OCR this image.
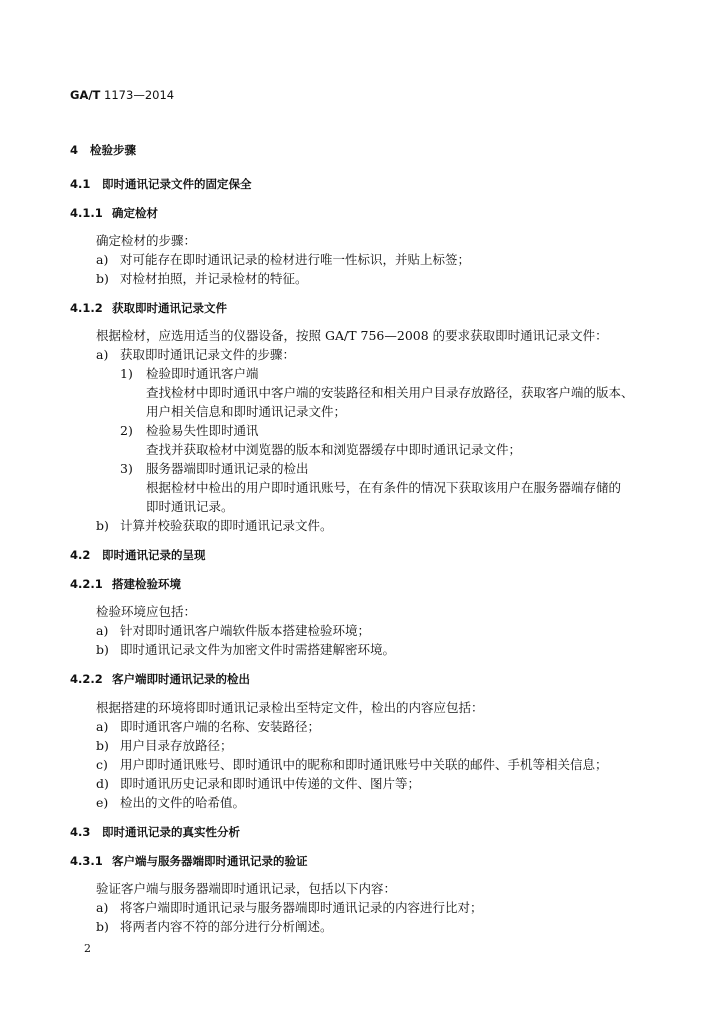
GA/T 1173—2014
4 检验步骤
4.1 即时通讯记录文件的固定保全
4.1.1 确定检材
确定检材的步骤：
a) 对可能存在即时通讯记录的检材进行唯一性标识，并贴上标签；
b) 对检材拍照，并记录检材的特征。
4.1.2 获取即时通讯记录文件
根据检材，应选用适当的仪器设备，按照 GA/T 756—2008 的要求获取即时通讯记录文件：
a) 获取即时通讯记录文件的步骤：
1) 检验即时通讯客户端
查找检材中即时通讯中客户端的安装路径和相关用户目录存放路径，获取客户端的版本、
用户相关信息和即时通讯记录文件；
2) 检验易失性即时通讯
查找并获取检材中浏览器的版本和浏览器缓存中即时通讯记录文件；
3) 服务器端即时通讯记录的检出
根据检材中检出的用户即时通讯账号，在有条件的情况下获取该用户在服务器端存储的
即时通讯记录。
b) 计算并校验获取的即时通讯记录文件。
4.2 即时通讯记录的呈现
4.2.1 搭建检验环境
检验环境应包括：
a) 针对即时通讯客户端软件版本搭建检验环境；
b) 即时通讯记录文件为加密文件时需搭建解密环境。
4.2.2 客户端即时通讯记录的检出
根据搭建的环境将即时通讯记录检出至特定文件，检出的内容应包括：
a) 即时通讯客户端的名称、安装路径；
b) 用户目录存放路径；
c) 用户即时通讯账号、即时通讯中的昵称和即时通讯账号中关联的邮件、手机等相关信息；
d) 即时通讯历史记录和即时通讯中传递的文件、图片等；
e) 检出的文件的哈希值。
4.3 即时通讯记录的真实性分析
4.3.1 客户端与服务器端即时通讯记录的验证
验证客户端与服务器端即时通讯记录，包括以下内容：
a) 将客户端即时通讯记录与服务器端即时通讯记录的内容进行比对；
b) 将两者内容不符的部分进行分析阐述。
2
